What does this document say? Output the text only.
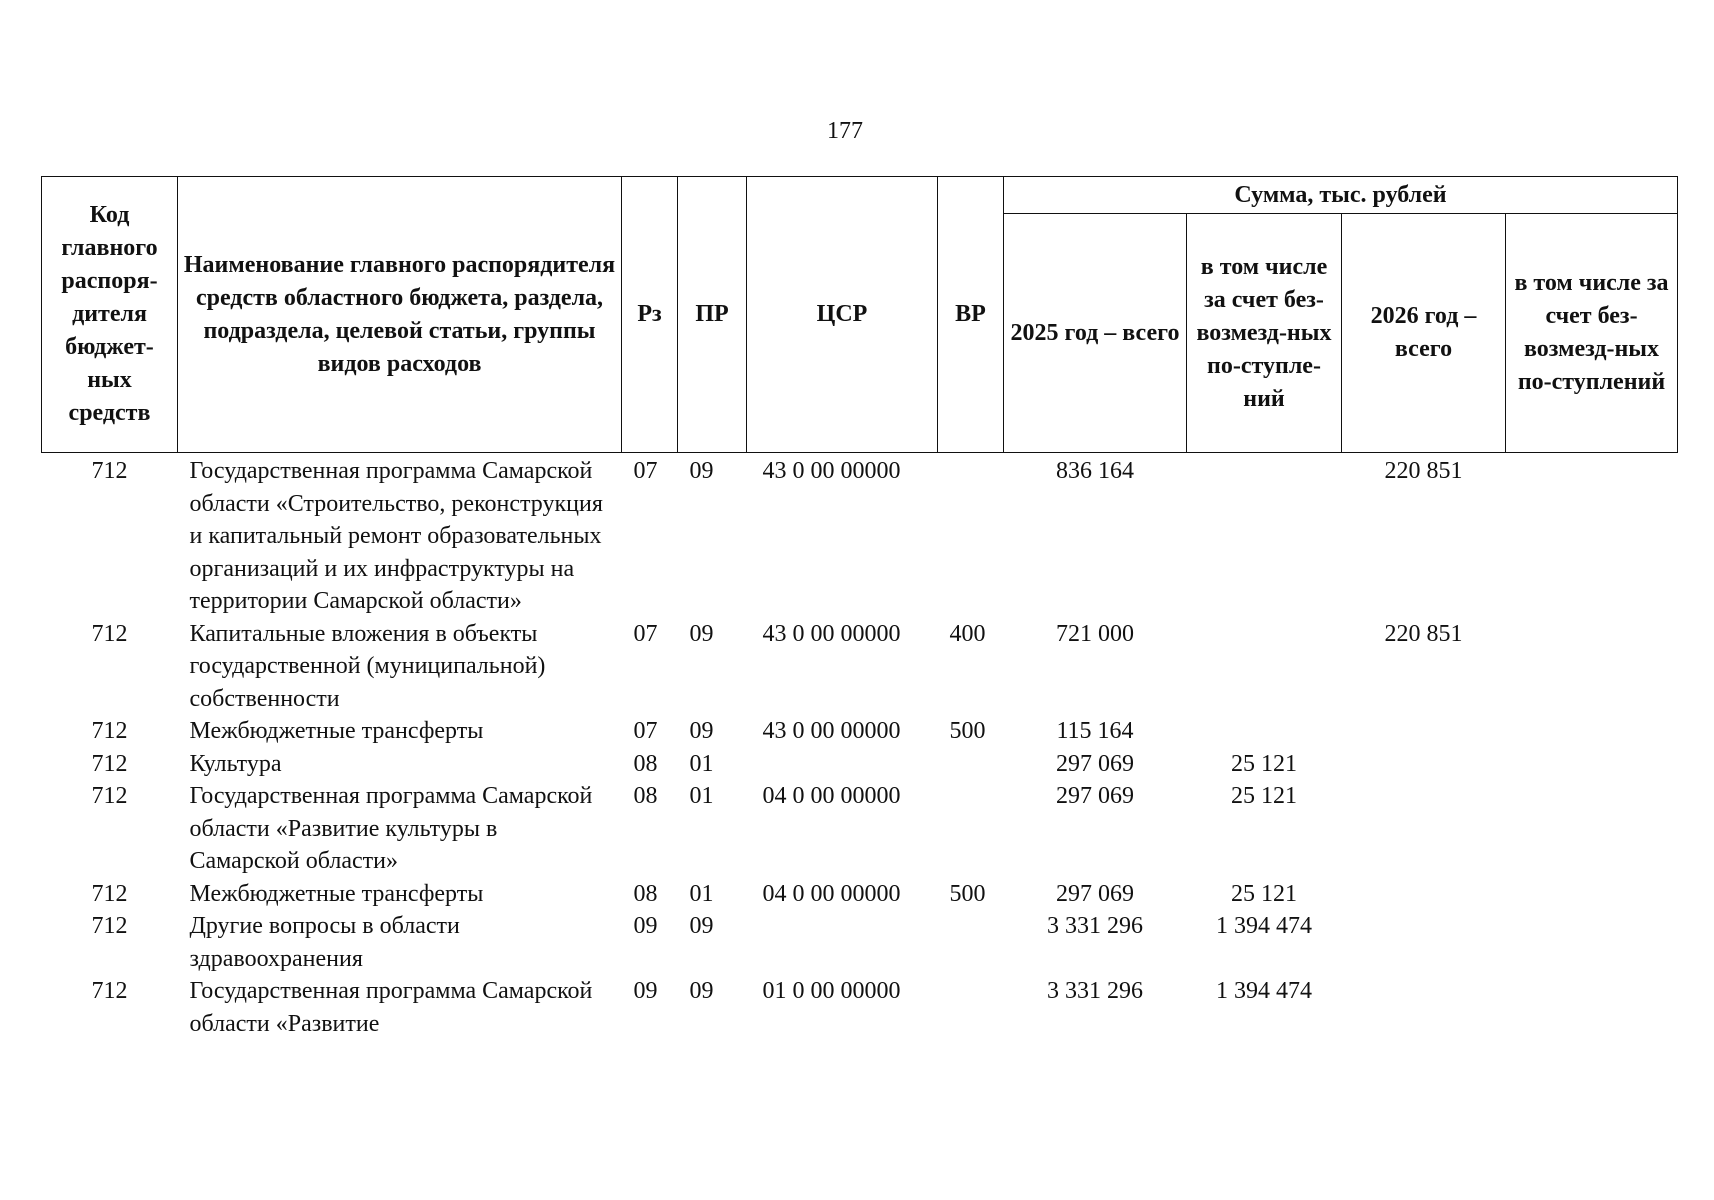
177
Код главного распоря-дителя бюджет-ных средств	Наименование главного распорядителя средств областного бюджета, раздела, подраздела, целевой статьи, группы видов расходов	Рз	ПР	ЦСР	ВР	Сумма, тыс. рублей			
						2025 год – всего	в том числе за счет без-возмезд-ных по-ступле-ний	2026 год – всего	в том числе за счет без-возмезд-ных по-ступлений
712	Государственная программа Самарской области «Строительство, реконструкция и капитальный ремонт образовательных организаций и их инфраструктуры на территории Самарской области»	07	09	43 0 00 00000		836 164		220 851	
712	Капитальные вложения в объекты государственной (муниципальной) собственности	07	09	43 0 00 00000	400	721 000		220 851	
712	Межбюджетные трансферты	07	09	43 0 00 00000	500	115 164			
712	Культура	08	01			297 069	25 121		
712	Государственная программа Самарской области «Развитие культуры в Самарской области»	08	01	04 0 00 00000		297 069	25 121		
712	Межбюджетные трансферты	08	01	04 0 00 00000	500	297 069	25 121		
712	Другие вопросы в области здравоохранения	09	09			3 331 296	1 394 474		
712	Государственная программа Самарской области «Развитие	09	09	01 0 00 00000		3 331 296	1 394 474		
